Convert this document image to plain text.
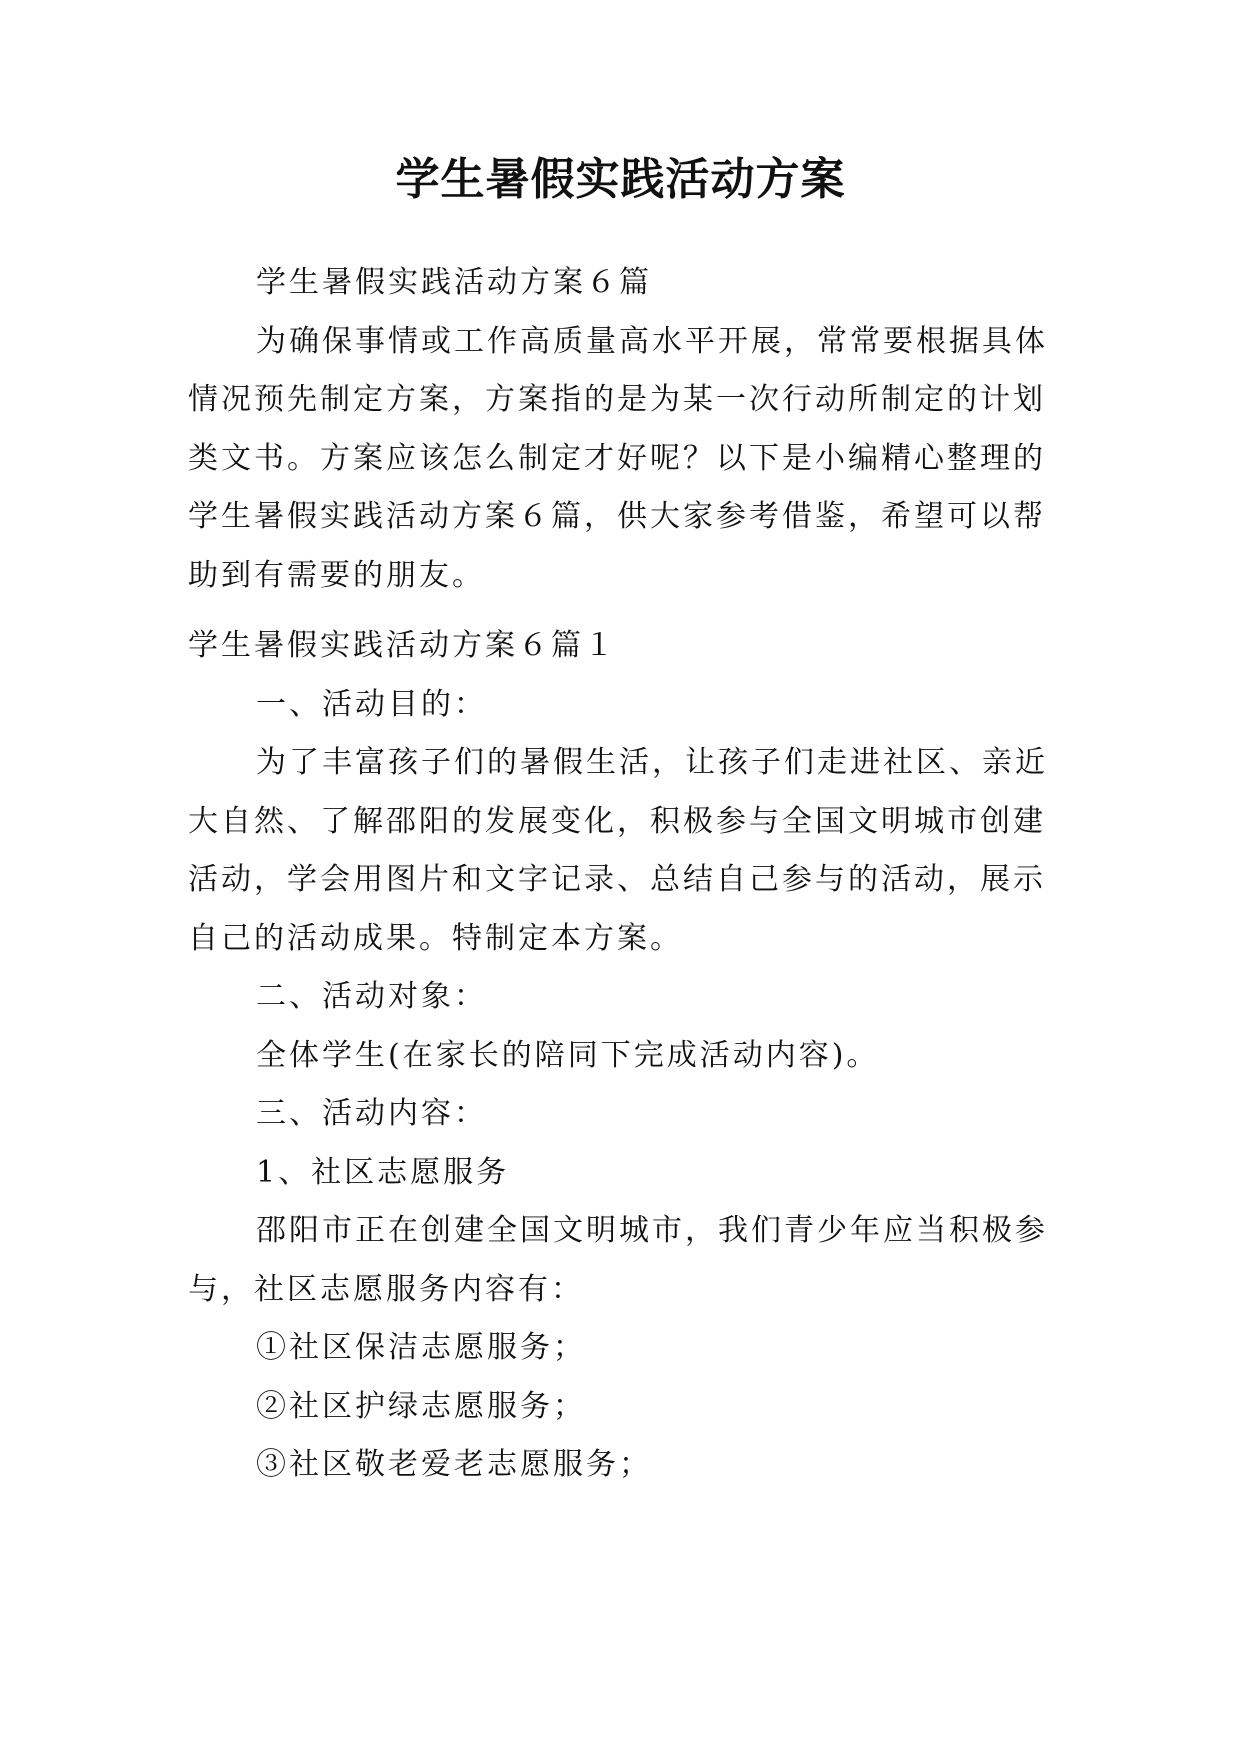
学生暑假实践活动方案

学生暑假实践活动方案６篇

为确保事情或工作高质量高水平开展，常常要根据具体

情况预先制定方案，方案指的是为某一次行动所制定的计划

类文书。方案应该怎么制定才好呢？以下是小编精心整理的

学生暑假实践活动方案６篇，供大家参考借鉴，希望可以帮

助到有需要的朋友。

学生暑假实践活动方案６篇１

一、活动目的：

为了丰富孩子们的暑假生活，让孩子们走进社区、亲近

大自然、了解邵阳的发展变化，积极参与全国文明城市创建

活动，学会用图片和文字记录、总结自己参与的活动，展示

自己的活动成果。特制定本方案。

二、活动对象：

全体学生(在家长的陪同下完成活动内容)。

三、活动内容：

1、社区志愿服务

邵阳市正在创建全国文明城市，我们青少年应当积极参

与，社区志愿服务内容有：

①社区保洁志愿服务；

②社区护绿志愿服务；

③社区敬老爱老志愿服务；
